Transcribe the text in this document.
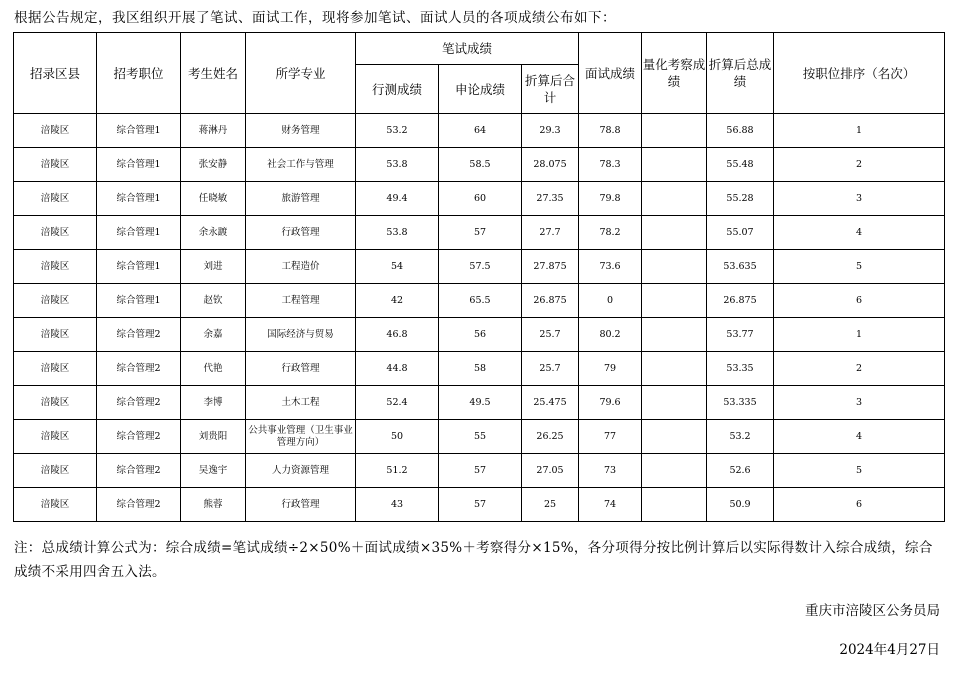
根据公告规定，我区组织开展了笔试、面试工作，现将参加笔试、面试人员的各项成绩公布如下：
招录区县	招考职位	考生姓名	所学专业	笔试成绩			面试成绩	量化考察成绩	折算后总成绩	按职位排序（名次）
				行测成绩	申论成绩	折算后合计				
涪陵区	综合管理1	蒋淋丹	财务管理	53.2	64	29.3	78.8		56.88	1
涪陵区	综合管理1	张安静	社会工作与管理	53.8	58.5	28.075	78.3		55.48	2
涪陵区	综合管理1	任晓敏	旅游管理	49.4	60	27.35	79.8		55.28	3
涪陵区	综合管理1	余永踱	行政管理	53.8	57	27.7	78.2		55.07	4
涪陵区	综合管理1	刘进	工程造价	54	57.5	27.875	73.6		53.635	5
涪陵区	综合管理1	赵钦	工程管理	42	65.5	26.875	0		26.875	6
涪陵区	综合管理2	余嘉	国际经济与贸易	46.8	56	25.7	80.2		53.77	1
涪陵区	综合管理2	代艳	行政管理	44.8	58	25.7	79		53.35	2
涪陵区	综合管理2	李博	土木工程	52.4	49.5	25.475	79.6		53.335	3
涪陵区	综合管理2	刘贵阳	公共事业管理（卫生事业管理方向）	50	55	26.25	77		53.2	4
涪陵区	综合管理2	吴逸宇	人力资源管理	51.2	57	27.05	73		52.6	5
涪陵区	综合管理2	熊蓉	行政管理	43	57	25	74		50.9	6
注：总成绩计算公式为：综合成绩=笔试成绩÷2×50%＋面试成绩×35%＋考察得分×15%，各分项得分按比例计算后以实际得数计入综合成绩，综合成绩不采用四舍五入法。
重庆市涪陵区公务员局
2024年4月27日
